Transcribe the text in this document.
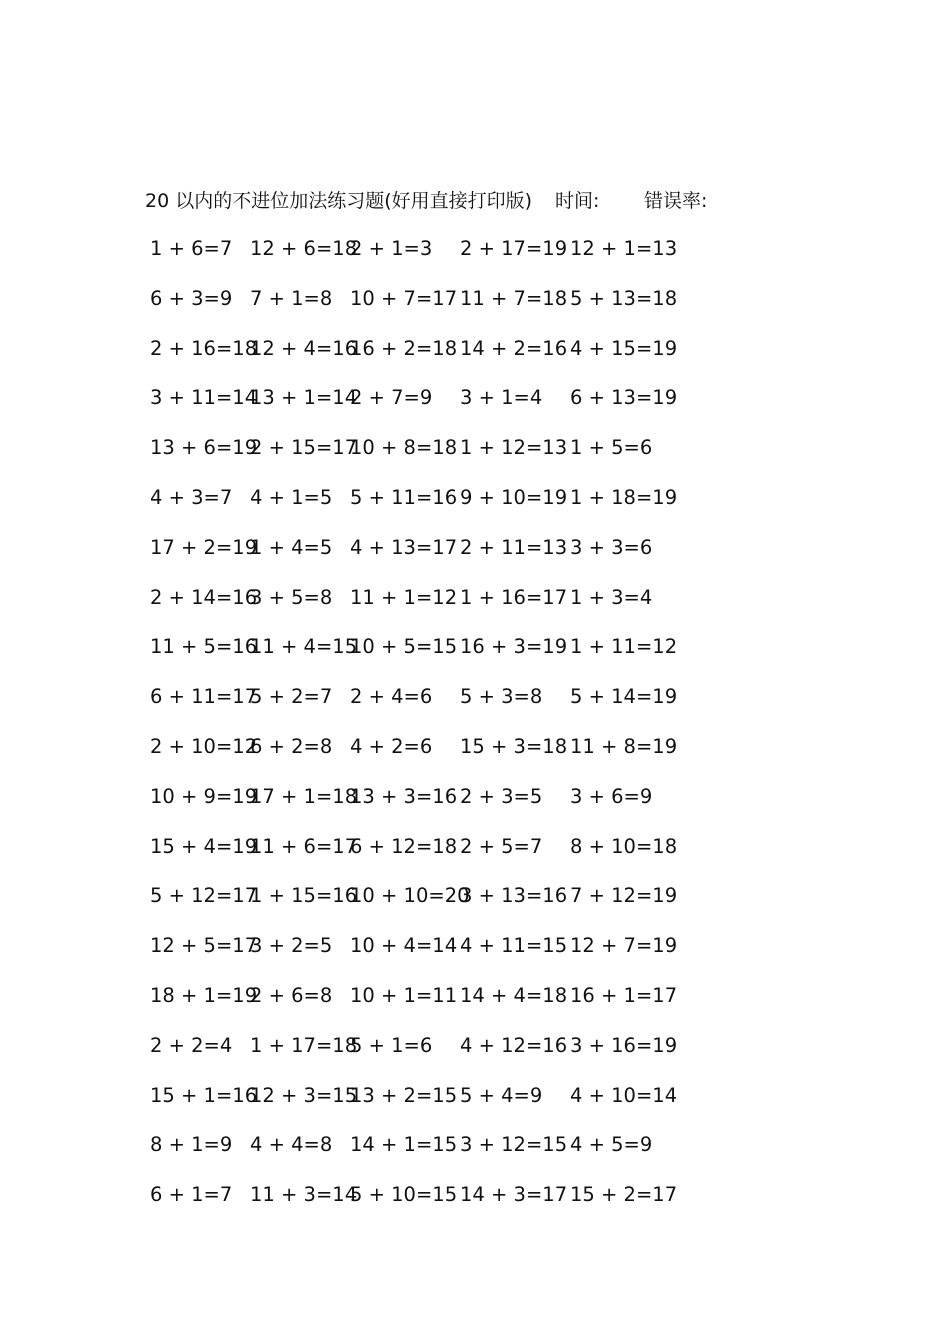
20 以内的不进位加法练习题(好用直接打印版) 时间: 错误率:
1 + 6=7 12 + 6=18
2 + 1=3 2 + 17=19 12 + 1=13
6 + 3=9 7 + 1=8 10 + 7=17 11 + 7=18 5 + 13=18
2 + 16=18
12 + 4=16
16 + 2=18 14 + 2=16 4 + 15=19
3 + 11=14
13 + 1=14
2 + 7=9 3 + 1=4 6 + 13=19
13 + 6=19
2 + 15=17
10 + 8=18 1 + 12=13 1 + 5=6
4 + 3=7 4 + 1=5 5 + 11=16 9 + 10=19 1 + 18=19
17 + 2=19
1 + 4=5 4 + 13=17 2 + 11=13 3 + 3=6
2 + 14=16
3 + 5=8 11 + 1=12 1 + 16=17 1 + 3=4
11 + 5=16
11 + 4=15
10 + 5=15 16 + 3=19 1 + 11=12
6 + 11=17
5 + 2=7 2 + 4=6 5 + 3=8 5 + 14=19
2 + 10=12
6 + 2=8 4 + 2=6 15 + 3=18 11 + 8=19
10 + 9=19
17 + 1=18
13 + 3=16 2 + 3=5 3 + 6=9
15 + 4=19
11 + 6=17
6 + 12=18 2 + 5=7 8 + 10=18
5 + 12=17
1 + 15=16
10 + 10=20
3 + 13=16 7 + 12=19
12 + 5=17
3 + 2=5 10 + 4=14 4 + 11=15 12 + 7=19
18 + 1=19
2 + 6=8 10 + 1=11 14 + 4=18 16 + 1=17
2 + 2=4 1 + 17=18
5 + 1=6 4 + 12=16 3 + 16=19
15 + 1=16
12 + 3=15
13 + 2=15 5 + 4=9 4 + 10=14
8 + 1=9 4 + 4=8 14 + 1=15 3 + 12=15 4 + 5=9
6 + 1=7 11 + 3=14
5 + 10=15 14 + 3=17 15 + 2=17
